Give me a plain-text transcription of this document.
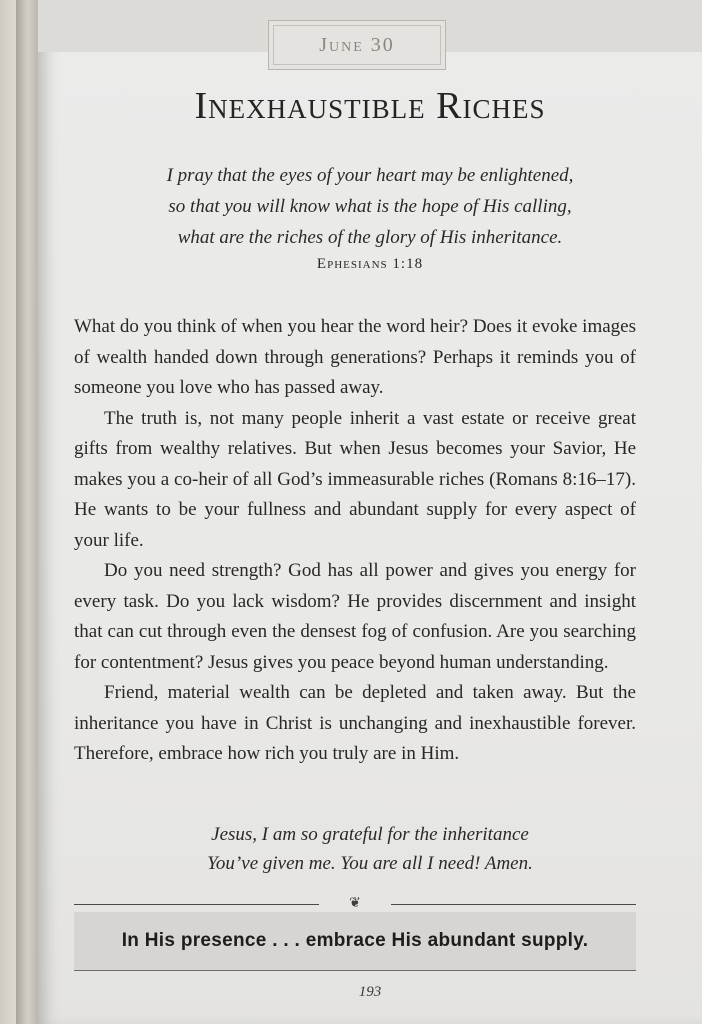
June 30
Inexhaustible Riches
I pray that the eyes of your heart may be enlightened,
so that you will know what is the hope of His calling,
what are the riches of the glory of His inheritance.
Ephesians 1:18

What do you think of when you hear the word heir? Does it evoke images of wealth handed down through generations? Perhaps it reminds you of someone you love who has passed away.

The truth is, not many people inherit a vast estate or receive great gifts from wealthy relatives. But when Jesus becomes your Savior, He makes you a co-heir of all God’s immeasurable riches (Romans 8:16–17). He wants to be your fullness and abundant supply for every aspect of your life.

Do you need strength? God has all power and gives you energy for every task. Do you lack wisdom? He provides discernment and insight that can cut through even the densest fog of confusion. Are you searching for contentment? Jesus gives you peace beyond human understanding.

Friend, material wealth can be depleted and taken away. But the inheritance you have in Christ is unchanging and inexhaustible forever. Therefore, embrace how rich you truly are in Him.

Jesus, I am so grateful for the inheritance
You’ve given me. You are all I need! Amen.
❦
In His presence . . . embrace His abundant supply.
193
